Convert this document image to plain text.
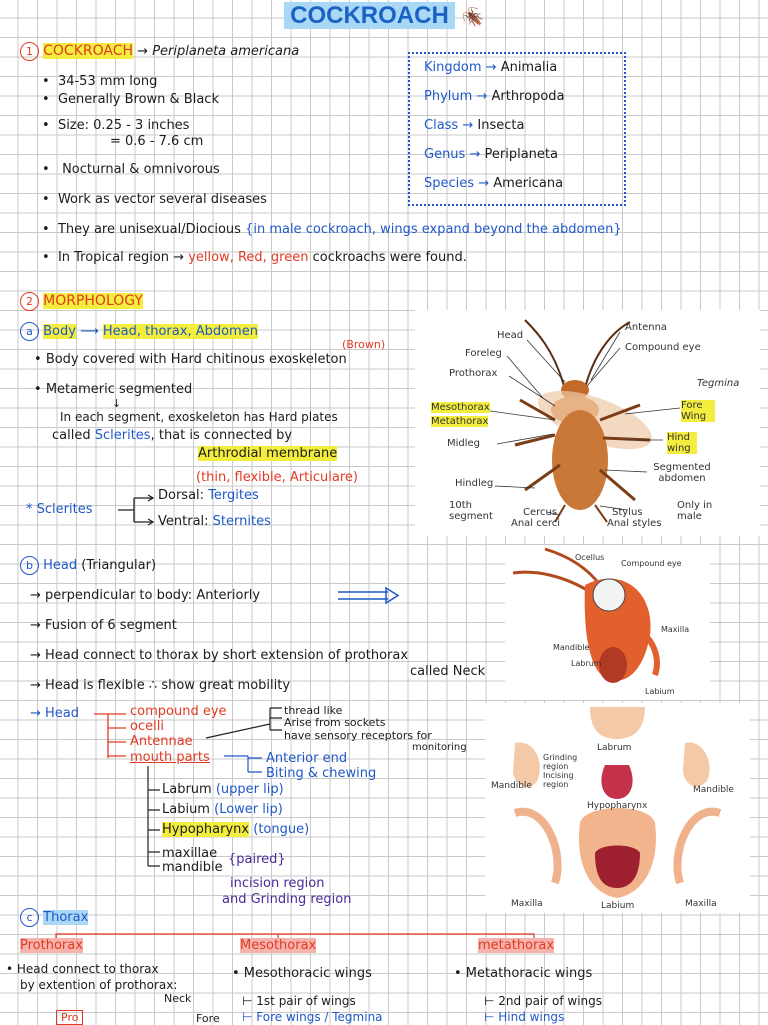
COCKROACH 🪳
1 COCKROACH → Periplaneta americana
•  34-53 mm long
•  Generally Brown & Black
•  Size: 0.25 - 3 inches
= 0.6 - 7.6 cm
•   Nocturnal & omnivorous
•  Work as vector several diseases
•  They are unisexual/Diocious {in male cockroach, wings expand beyond the abdomen}
•  In Tropical region → yellow, Red, green cockroachs were found.
Kingdom → Animalia
Phylum → Arthropoda
Class → Insecta
Genus → Periplaneta
Species → Americana
2 MORPHOLOGY
a Body ⟶ Head, thorax, Abdomen
(Brown)
• Body covered with Hard chitinous exoskeleton
• Metameric segmented
↓
In each segment, exoskeleton has Hard plates
called Sclerites, that is connected by
Arthrodial membrane
(thin, flexible, Articulare)
* Sclerites
Dorsal: Tergites
Ventral: Sternites
Head
Foreleg
Prothorax
Mesothorax
Metathorax
Midleg
Hindleg
Cercus	Stylus
Antenna
Compound eye
Fore Wing
Hind wing
Segmented abdomen
Tegmina
10th segment
Anal cerci	Anal styles
Only in male
b Head (Triangular)
→ perpendicular to body: Anteriorly
→ Fusion of 6 segment
→ Head connect to thorax by short extension of prothorax
called Neck
→ Head is flexible ∴ show great mobility
→ Head	compound eye
ocelli
Antennae
mouth parts
thread like
Arise from sockets
have sensory receptors for
monitoring
Anterior end
Biting & chewing
Labrum (upper lip)
Labium (Lower lip)
Hypopharynx (tongue)
maxillae
mandible
{paired}
incision region
and Grinding region
Ocellus
Compound eye
Maxilla
Mandible
Labrum
Labium
Labrum
Grinding region
Incising region
Mandible	Mandible
Hypopharynx
Maxilla	Labium	Maxilla
c Thorax
Prothorax	Mesothorax	metathorax
• Head connect to thorax
by extention of prothorax:
Neck
Pro	Fore
• Mesothoracic wings
⊢ 1st pair of wings
⊢ Fore wings / Tegmina
• Metathoracic wings
⊢ 2nd pair of wings
⊢ Hind wings
